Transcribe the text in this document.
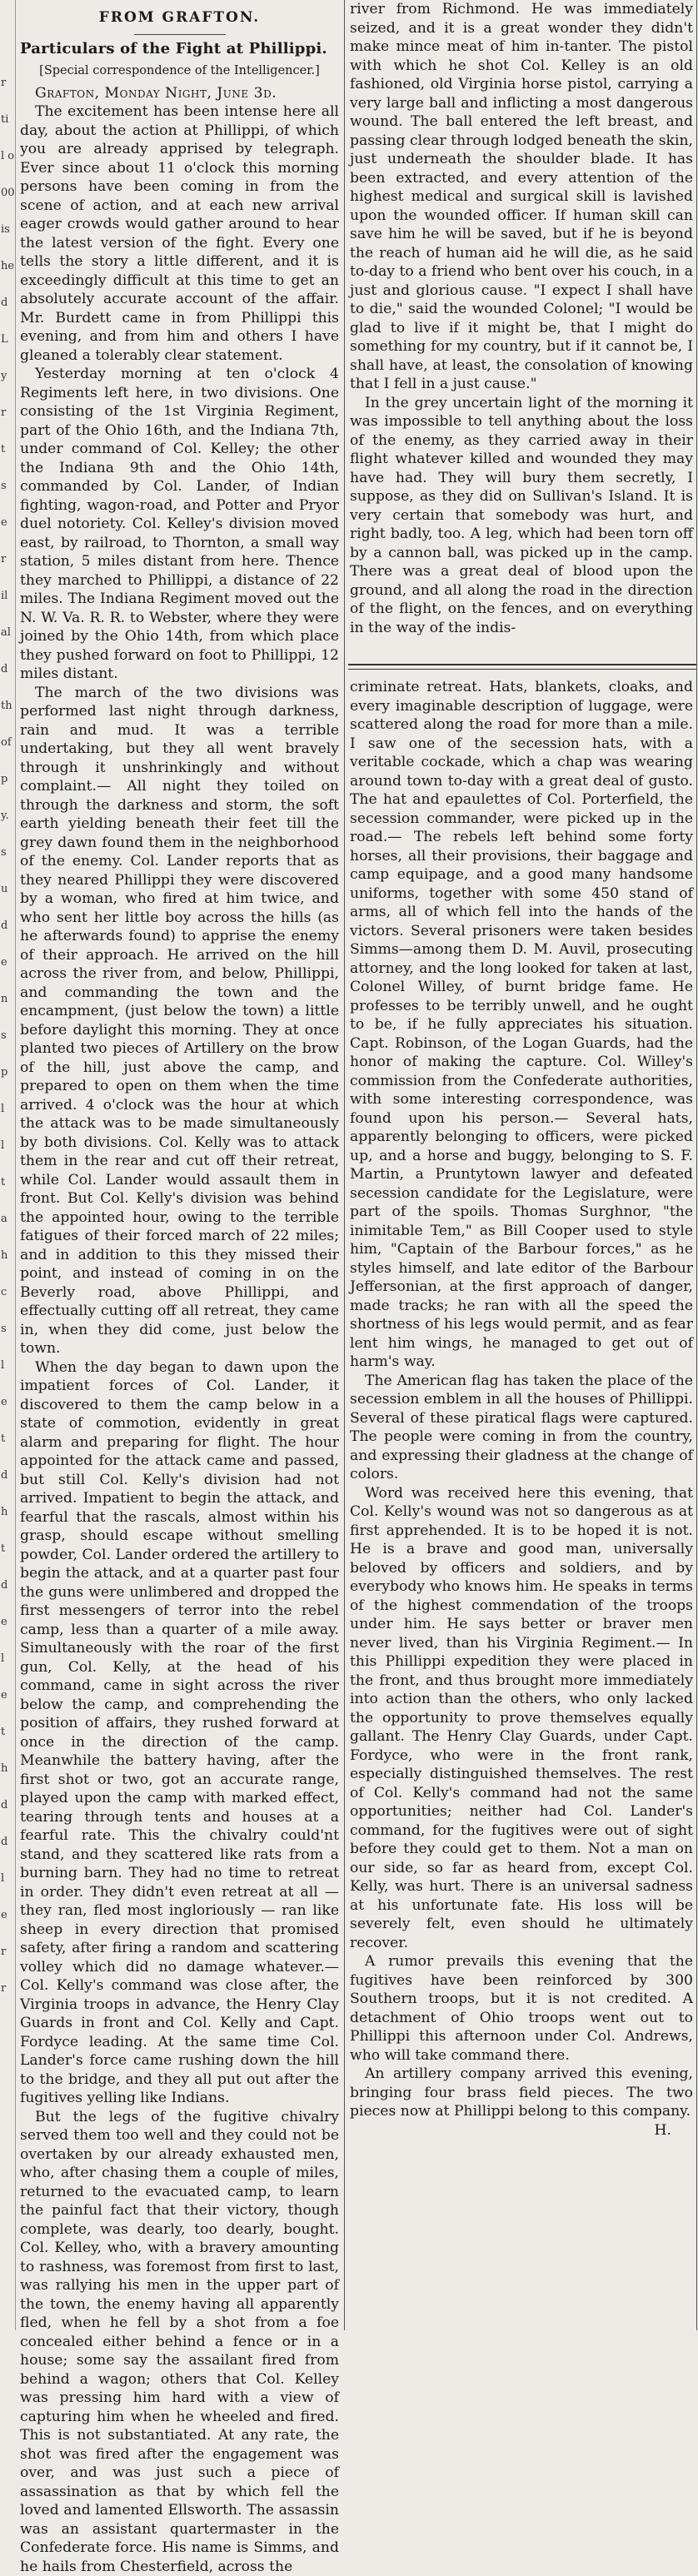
r
ti
l o
00
is
he
d
L
y
r
t
s
e
r
il
al
d
th
of
p
y.
s
u
d
e
n
s
p
l
l
t
a
h
c
s
l
e
t
d
h
t
d
e
l
e
t
h
d
d
l
e
r
r
FROM GRAFTON.
Particulars of the Fight at Phillippi.
[Special correspondence of the Intelligencer.]

Grafton, Monday Night, June 3d.

The excitement has been intense here all day, about the action at Phillippi, of which you are already apprised by telegraph. Ever since about 11 o'clock this morning persons have been coming in from the scene of action, and at each new arrival eager crowds would gather around to hear the latest version of the fight. Every one tells the story a little different, and it is exceedingly difficult at this time to get an absolutely accurate account of the affair. Mr. Burdett came in from Phillippi this evening, and from him and others I have gleaned a tolerably clear statement.

Yesterday morning at ten o'clock 4 Regiments left here, in two divisions. One consisting of the 1st Virginia Regiment, part of the Ohio 16th, and the Indiana 7th, under command of Col. Kelley; the other the Indiana 9th and the Ohio 14th, commanded by Col. Lander, of Indian fighting, wagon-road, and Potter and Pryor duel notoriety. Col. Kelley's division moved east, by railroad, to Thornton, a small way station, 5 miles distant from here. Thence they marched to Phillippi, a distance of 22 miles. The Indiana Regiment moved out the N. W. Va. R. R. to Webster, where they were joined by the Ohio 14th, from which place they pushed forward on foot to Phillippi, 12 miles distant.

The march of the two divisions was performed last night through darkness, rain and mud. It was a terrible undertaking, but they all went bravely through it unshrinkingly and without complaint.— All night they toiled on through the darkness and storm, the soft earth yielding beneath their feet till the grey dawn found them in the neighborhood of the enemy. Col. Lander reports that as they neared Phillippi they were discovered by a woman, who fired at him twice, and who sent her little boy across the hills (as he afterwards found) to apprise the enemy of their approach. He arrived on the hill across the river from, and below, Phillippi, and commanding the town and the encampment, (just below the town) a little before daylight this morning. They at once planted two pieces of Artillery on the brow of the hill, just above the camp, and prepared to open on them when the time arrived. 4 o'clock was the hour at which the attack was to be made simultaneously by both divisions. Col. Kelly was to attack them in the rear and cut off their retreat, while Col. Lander would assault them in front. But Col. Kelly's division was behind the appointed hour, owing to the terrible fatigues of their forced march of 22 miles; and in addition to this they missed their point, and instead of coming in on the Beverly road, above Phillippi, and effectually cutting off all retreat, they came in, when they did come, just below the town.

When the day began to dawn upon the impatient forces of Col. Lander, it discovered to them the camp below in a state of commotion, evidently in great alarm and preparing for flight. The hour appointed for the attack came and passed, but still Col. Kelly's division had not arrived. Impatient to begin the attack, and fearful that the rascals, almost within his grasp, should escape without smelling powder, Col. Lander ordered the artillery to begin the attack, and at a quarter past four the guns were unlimbered and dropped the first messengers of terror into the rebel camp, less than a quarter of a mile away. Simultaneously with the roar of the first gun, Col. Kelly, at the head of his command, came in sight across the river below the camp, and comprehending the position of affairs, they rushed forward at once in the direction of the camp. Meanwhile the battery having, after the first shot or two, got an accurate range, played upon the camp with marked effect, tearing through tents and houses at a fearful rate. This the chivalry could'nt stand, and they scattered like rats from a burning barn. They had no time to retreat in order. They didn't even retreat at all — they ran, fled most ingloriously — ran like sheep in every direction that promised safety, after firing a random and scattering volley which did no damage whatever.— Col. Kelly's command was close after, the Virginia troops in advance, the Henry Clay Guards in front and Col. Kelly and Capt. Fordyce leading. At the same time Col. Lander's force came rushing down the hill to the bridge, and they all put out after the fugitives yelling like Indians.

But the legs of the fugitive chivalry served them too well and they could not be overtaken by our already exhausted men, who, after chasing them a couple of miles, returned to the evacuated camp, to learn the painful fact that their victory, though complete, was dearly, too dearly, bought. Col. Kelley, who, with a bravery amounting to rashness, was foremost from first to last, was rallying his men in the upper part of the town, the enemy having all apparently fled, when he fell by a shot from a foe concealed either behind a fence or in a house; some say the assailant fired from behind a wagon; others that Col. Kelley was pressing him hard with a view of capturing him when he wheeled and fired. This is not substantiated. At any rate, the shot was fired after the engagement was over, and was just such a piece of assassination as that by which fell the loved and lamented Ellsworth. The assassin was an assistant quartermaster in the Confederate force. His name is Simms, and he hails from Chesterfield, across the

river from Richmond. He was immediately seized, and it is a great wonder they didn't make mince meat of him in-tanter. The pistol with which he shot Col. Kelley is an old fashioned, old Virginia horse pistol, carrying a very large ball and inflicting a most dangerous wound. The ball entered the left breast, and passing clear through lodged beneath the skin, just underneath the shoulder blade. It has been extracted, and every attention of the highest medical and surgical skill is lavished upon the wounded officer. If human skill can save him he will be saved, but if he is beyond the reach of human aid he will die, as he said to-day to a friend who bent over his couch, in a just and glorious cause. "I expect I shall have to die," said the wounded Colonel; "I would be glad to live if it might be, that I might do something for my country, but if it cannot be, I shall have, at least, the consolation of knowing that I fell in a just cause."

In the grey uncertain light of the morning it was impossible to tell anything about the loss of the enemy, as they carried away in their flight whatever killed and wounded they may have had. They will bury them secretly, I suppose, as they did on Sullivan's Island. It is very certain that somebody was hurt, and right badly, too. A leg, which had been torn off by a cannon ball, was picked up in the camp. There was a great deal of blood upon the ground, and all along the road in the direction of the flight, on the fences, and on everything in the way of the indis-

criminate retreat. Hats, blankets, cloaks, and every imaginable description of luggage, were scattered along the road for more than a mile. I saw one of the secession hats, with a veritable cockade, which a chap was wearing around town to-day with a great deal of gusto. The hat and epaulettes of Col. Porterfield, the secession commander, were picked up in the road.— The rebels left behind some forty horses, all their provisions, their baggage and camp equipage, and a good many handsome uniforms, together with some 450 stand of arms, all of which fell into the hands of the victors. Several prisoners were taken besides Simms—among them D. M. Auvil, prosecuting attorney, and the long looked for taken at last, Colonel Willey, of burnt bridge fame. He professes to be terribly unwell, and he ought to be, if he fully appreciates his situation. Capt. Robinson, of the Logan Guards, had the honor of making the capture. Col. Willey's commission from the Confederate authorities, with some interesting correspondence, was found upon his person.— Several hats, apparently belonging to officers, were picked up, and a horse and buggy, belonging to S. F. Martin, a Pruntytown lawyer and defeated secession candidate for the Legislature, were part of the spoils. Thomas Surghnor, "the inimitable Tem," as Bill Cooper used to style him, "Captain of the Barbour forces," as he styles himself, and late editor of the Barbour Jeffersonian, at the first approach of danger, made tracks; he ran with all the speed the shortness of his legs would permit, and as fear lent him wings, he managed to get out of harm's way.

The American flag has taken the place of the secession emblem in all the houses of Phillippi. Several of these piratical flags were captured. The people were coming in from the country, and expressing their gladness at the change of colors.

Word was received here this evening, that Col. Kelly's wound was not so dangerous as at first apprehended. It is to be hoped it is not. He is a brave and good man, universally beloved by officers and soldiers, and by everybody who knows him. He speaks in terms of the highest commendation of the troops under him. He says better or braver men never lived, than his Virginia Regiment.— In this Phillippi expedition they were placed in the front, and thus brought more immediately into action than the others, who only lacked the opportunity to prove themselves equally gallant. The Henry Clay Guards, under Capt. Fordyce, who were in the front rank, especially distinguished themselves. The rest of Col. Kelly's command had not the same opportunities; neither had Col. Lander's command, for the fugitives were out of sight before they could get to them. Not a man on our side, so far as heard from, except Col. Kelly, was hurt. There is an universal sadness at his unfortunate fate. His loss will be severely felt, even should he ultimately recover.

A rumor prevails this evening that the fugitives have been reinforced by 300 Southern troops, but it is not credited. A detachment of Ohio troops went out to Phillippi this afternoon under Col. Andrews, who will take command there.

An artillery company arrived this evening, bringing four brass field pieces. The two pieces now at Phillippi belong to this company.

H.
